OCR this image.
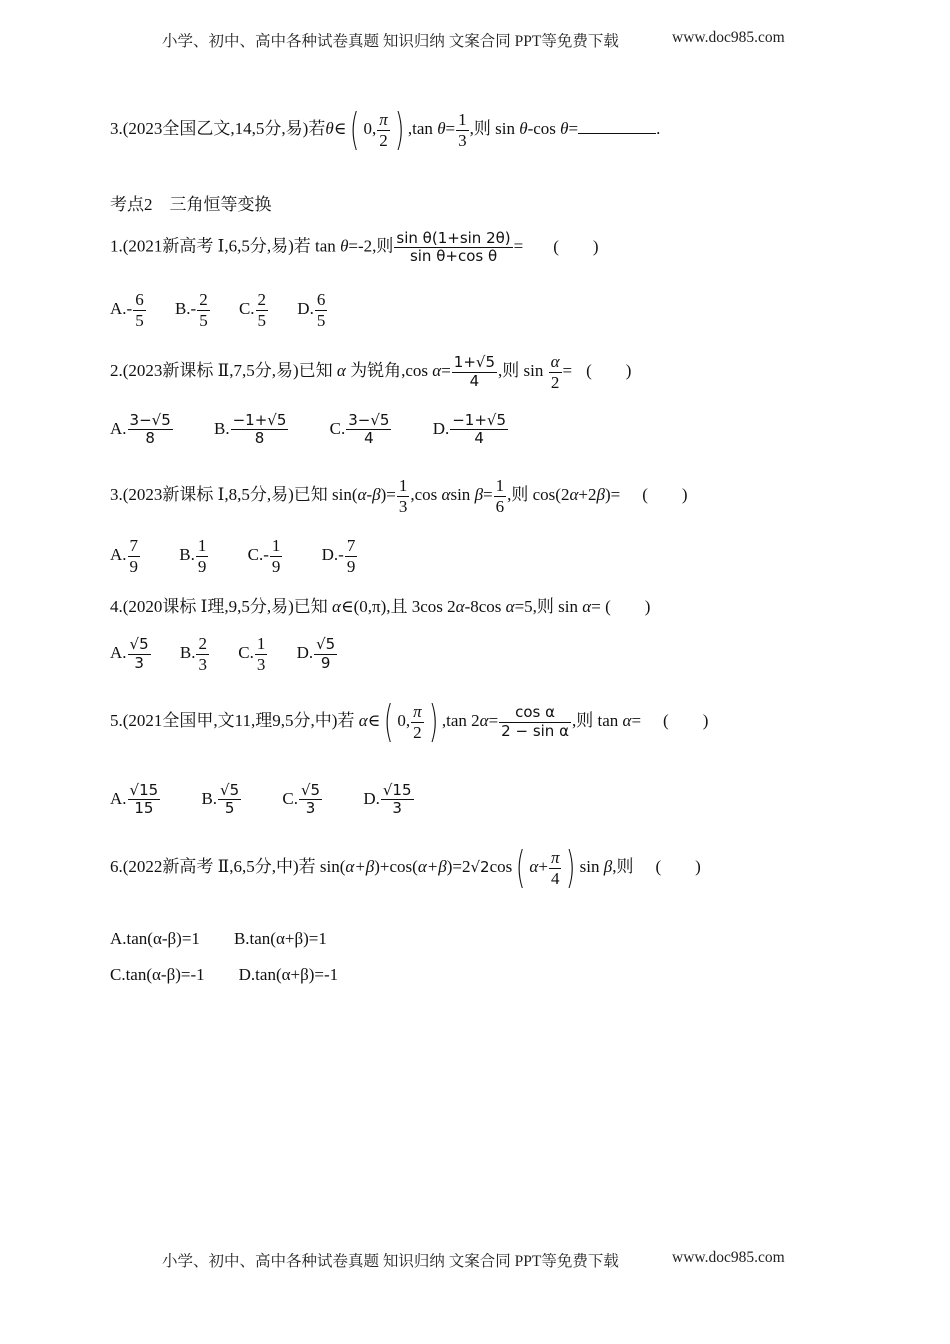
小学、初中、高中各种试卷真题 知识归纳 文案合同 PPT等免费下载	www.doc985.com
3.(2023全国乙文,14,5分,易)若θ∈( 0, $\frac{\pi}{2}$ ) ,tan $\theta= \frac{1}{3}$ ,则 sin θ-cos θ=	.
考点2　三角恒等变换
1.(2021新高考 Ⅰ,6,5分,易)若 tan θ=-2,则 $\frac{\text{sin θ(1+sin 2θ)}}{\text{sin θ+cos θ}}$ = (　　)
$A.- \frac{6}{5} B.- \frac{2}{5} C$. $\frac{2}{5} D$. $\frac{6}{5}$
2.(2023新课标 Ⅱ,7,5分,易)已知 α 为锐角,cos $\alpha= \frac{1+√5}{4}$ ,则 $\sin \frac{\alpha}{2}$ = (　　)
A. $\frac{3-√5}{8} B$. $\frac{-1+√5}{8} C$. $\frac{3-√5}{4} D$. $\frac{-1+√5}{4}$
3.(2023新课标 Ⅰ,8,5分,易)已知 $\sin(\alpha-\beta)= \frac{1}{3} ,\cos$ αsin $\beta= \frac{1}{6}$ ,则 cos(2α+2β)= (　　)
A. $\frac{7}{9} B$. $\frac{1}{9} C.- \frac{1}{9} D.- \frac{7}{9}$
4.(2020课标 Ⅰ理,9,5分,易)已知 α∈(0,π),且 3cos 2α-8cos α=5,则 sin α= (　　)
A. $\frac{√5}{3} B$. $\frac{2}{3} C$. $\frac{1}{3} D$. $\frac{√5}{9}$
5.(2021全国甲,文11,理9,5分,中)若 α∈( 0, $\frac{\pi}{2}$ ) ,tan $2\alpha= \frac{\text{cos α}}{\text{2 − sin α}}$ ,则 tan α= (　　)
A. $\frac{√15}{15} B$. $\frac{√5}{5} C$. $\frac{√5}{3} D$. $\frac{√15}{3}$
6.(2022新高考 Ⅱ,6,5分,中)若 sin(α+β)+cos(α+β)=2√2cos( $\alpha+ \frac{\pi}{4}$ ) sin β,则 (　　)
A.tan(α-β)=1 B.tan(α+β)=1
C.tan(α-β)=-1 D.tan(α+β)=-1
小学、初中、高中各种试卷真题 知识归纳 文案合同 PPT等免费下载	www.doc985.com
